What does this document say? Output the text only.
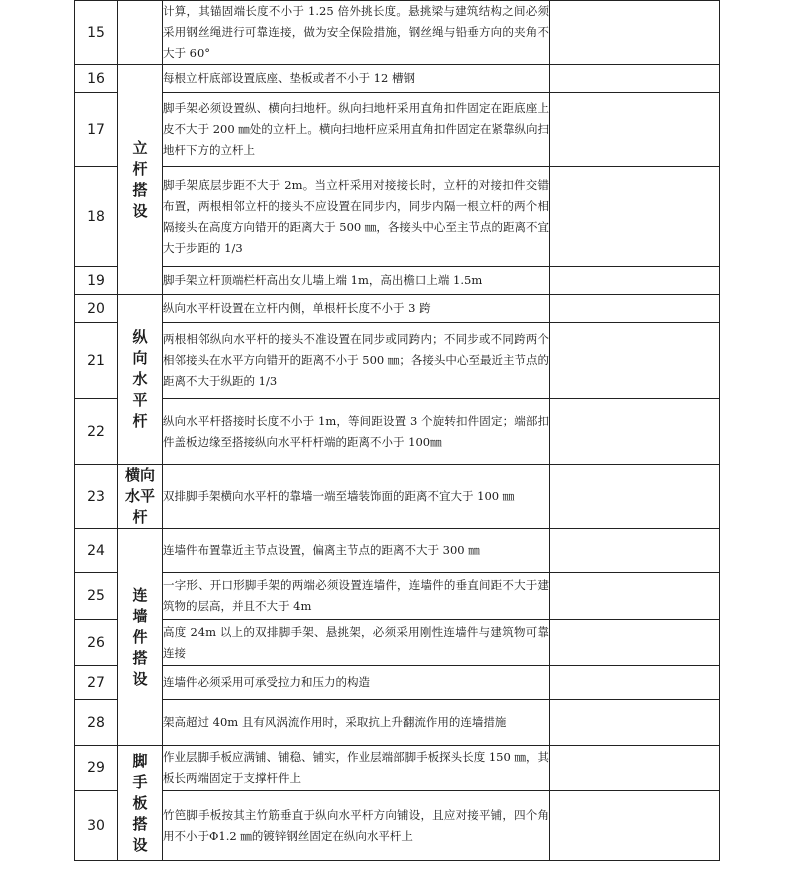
15		计算，其锚固端长度不小于 1.25 倍外挑长度。悬挑梁与建筑结构之间必须采用钢丝绳进行可靠连接，做为安全保险措施，钢丝绳与铅垂方向的夹角不大于 60°	
16	立杆搭设	每根立杆底部设置底座、垫板或者不小于 12 槽钢	
17		脚手架必须设置纵、横向扫地杆。纵向扫地杆采用直角扣件固定在距底座上皮不大于 200 ㎜处的立杆上。横向扫地杆应采用直角扣件固定在紧靠纵向扫地杆下方的立杆上	
18		脚手架底层步距不大于 2m。当立杆采用对接接长时，立杆的对接扣件交错布置，两根相邻立杆的接头不应设置在同步内，同步内隔一根立杆的两个相隔接头在高度方向错开的距离大于 500 ㎜，各接头中心至主节点的距离不宜大于步距的 1/3	
19		脚手架立杆顶端栏杆高出女儿墙上端 1m，高出檐口上端 1.5m	
20	纵向水平杆	纵向水平杆设置在立杆内侧，单根杆长度不小于 3 跨	
21		两根相邻纵向水平杆的接头不准设置在同步或同跨内；不同步或不同跨两个相邻接头在水平方向错开的距离不小于 500 ㎜；各接头中心至最近主节点的距离不大于纵距的 1/3	
22		纵向水平杆搭接时长度不小于 1m，等间距设置 3 个旋转扣件固定；端部扣件盖板边缘至搭接纵向水平杆杆端的距离不小于 100㎜	
23	横向
水平
杆	双排脚手架横向水平杆的靠墙一端至墙装饰面的距离不宜大于 100 ㎜	
24	连墙件搭设	连墙件布置靠近主节点设置，偏离主节点的距离不大于 300 ㎜	
25		一字形、开口形脚手架的两端必须设置连墙件，连墙件的垂直间距不大于建筑物的层高，并且不大于 4m	
26		高度 24m 以上的双排脚手架、悬挑架，必须采用刚性连墙件与建筑物可靠连接	
27		连墙件必须采用可承受拉力和压力的构造	
28		架高超过 40m 且有风涡流作用时，采取抗上升翻流作用的连墙措施	
29	脚手板搭设	作业层脚手板应满铺、铺稳、铺实，作业层端部脚手板探头长度 150 ㎜，其板长两端固定于支撑杆件上	
30		竹笆脚手板按其主竹筋垂直于纵向水平杆方向铺设，且应对接平铺，四个角用不小于Φ1.2 ㎜的镀锌钢丝固定在纵向水平杆上	
